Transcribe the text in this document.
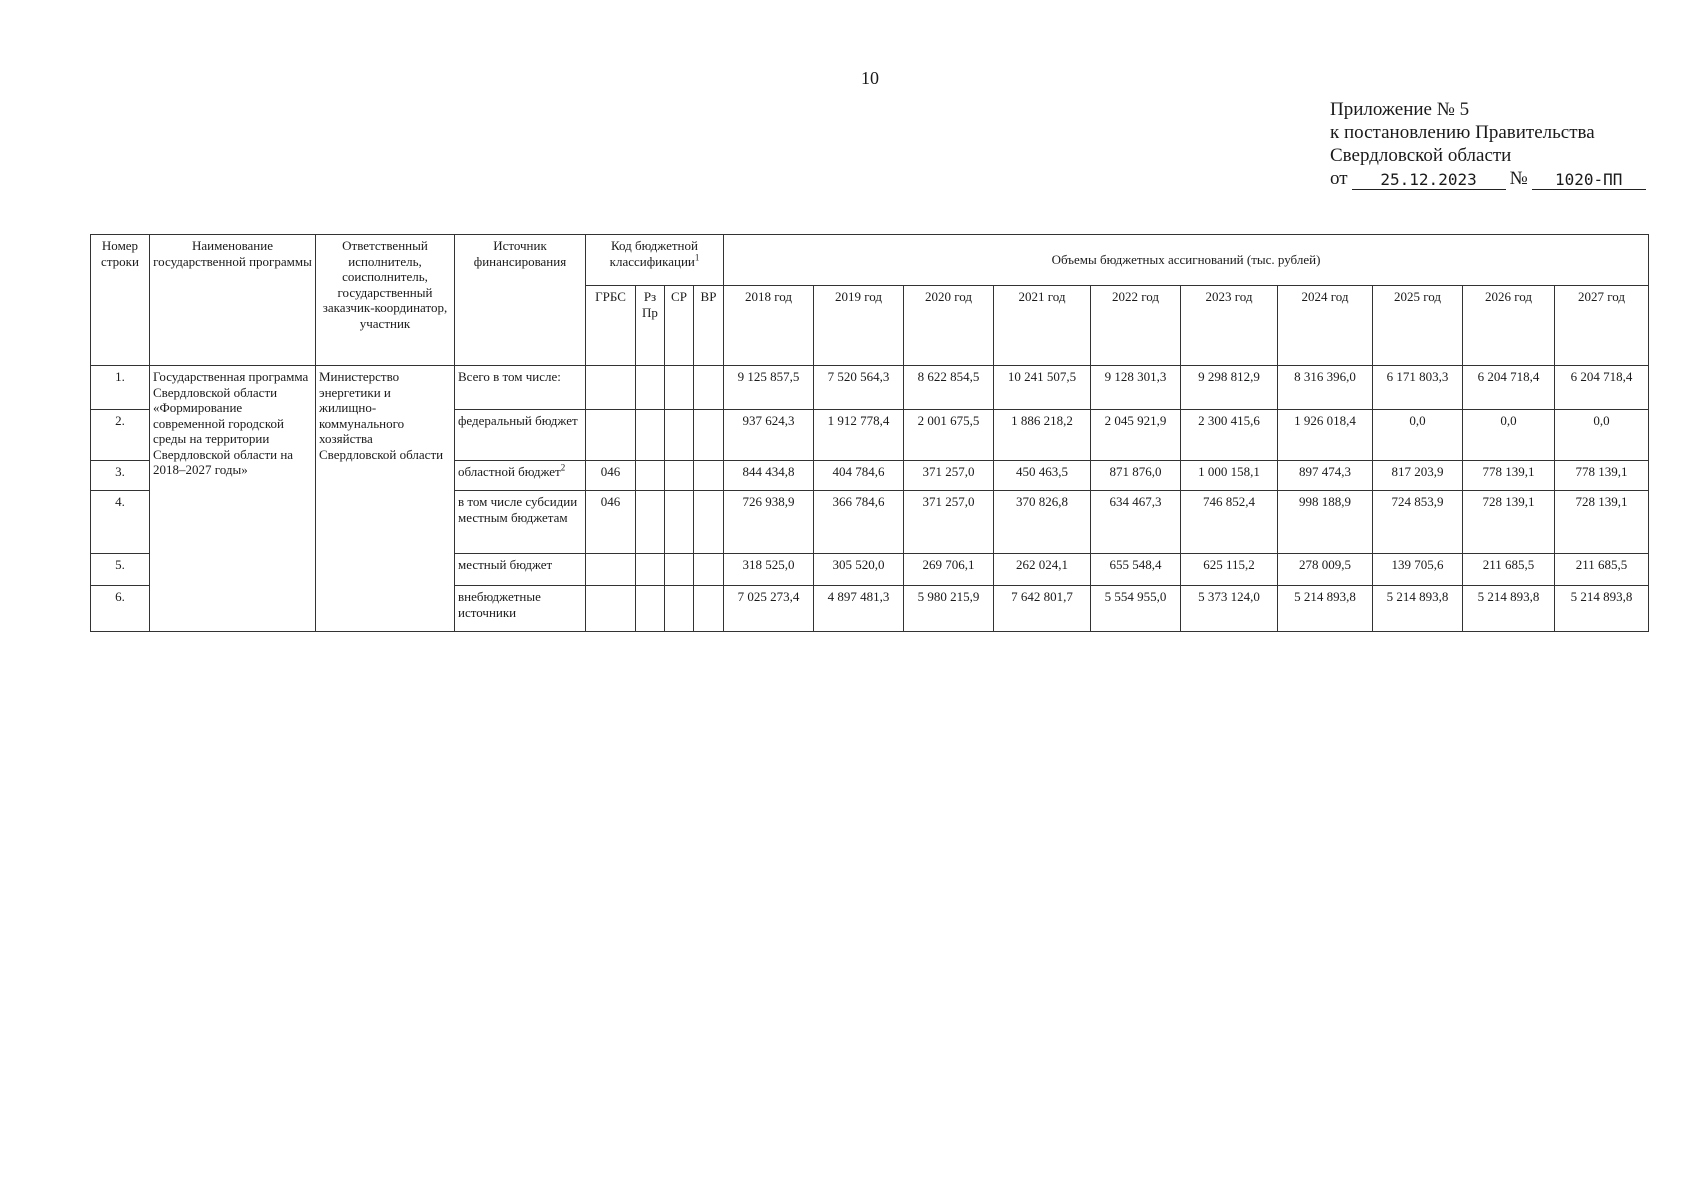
10
Приложение № 5
к постановлению Правительства
Свердловской области
от	25.12.2023	№	1020-ПП
Номер строки	Наименование государственной программы	Ответственный исполнитель, соисполнитель, государственный заказчик-координатор, участник	Источник финансирования	Код бюджетной классификации$^1$				Объемы бюджетных ассигнований (тыс. рублей)									
				ГРБС	Рз Пр	СР	ВР	2018 год	2019 год	2020 год	2021 год	2022 год	2023 год	2024 год	2025 год	2026 год	2027 год
1.	Государственная программа Свердловской области «Формирование современной городской среды на территории Свердловской области на 2018–2027 годы»	Министерство энергетики и жилищно-коммунального хозяйства Свердловской области	Всего в том числе:					9 125 857,5	7 520 564,3	8 622 854,5	10 241 507,5	9 128 301,3	9 298 812,9	8 316 396,0	6 171 803,3	6 204 718,4	6 204 718,4
2.			федеральный бюджет					937 624,3	1 912 778,4	2 001 675,5	1 886 218,2	2 045 921,9	2 300 415,6	1 926 018,4	0,0	0,0	0,0
3.			областной бюджет$^2$	046				844 434,8	404 784,6	371 257,0	450 463,5	871 876,0	1 000 158,1	897 474,3	817 203,9	778 139,1	778 139,1
4.			в том числе субсидии местным бюджетам	046				726 938,9	366 784,6	371 257,0	370 826,8	634 467,3	746 852,4	998 188,9	724 853,9	728 139,1	728 139,1
5.			местный бюджет					318 525,0	305 520,0	269 706,1	262 024,1	655 548,4	625 115,2	278 009,5	139 705,6	211 685,5	211 685,5
6.			внебюджетные источники					7 025 273,4	4 897 481,3	5 980 215,9	7 642 801,7	5 554 955,0	5 373 124,0	5 214 893,8	5 214 893,8	5 214 893,8	5 214 893,8
